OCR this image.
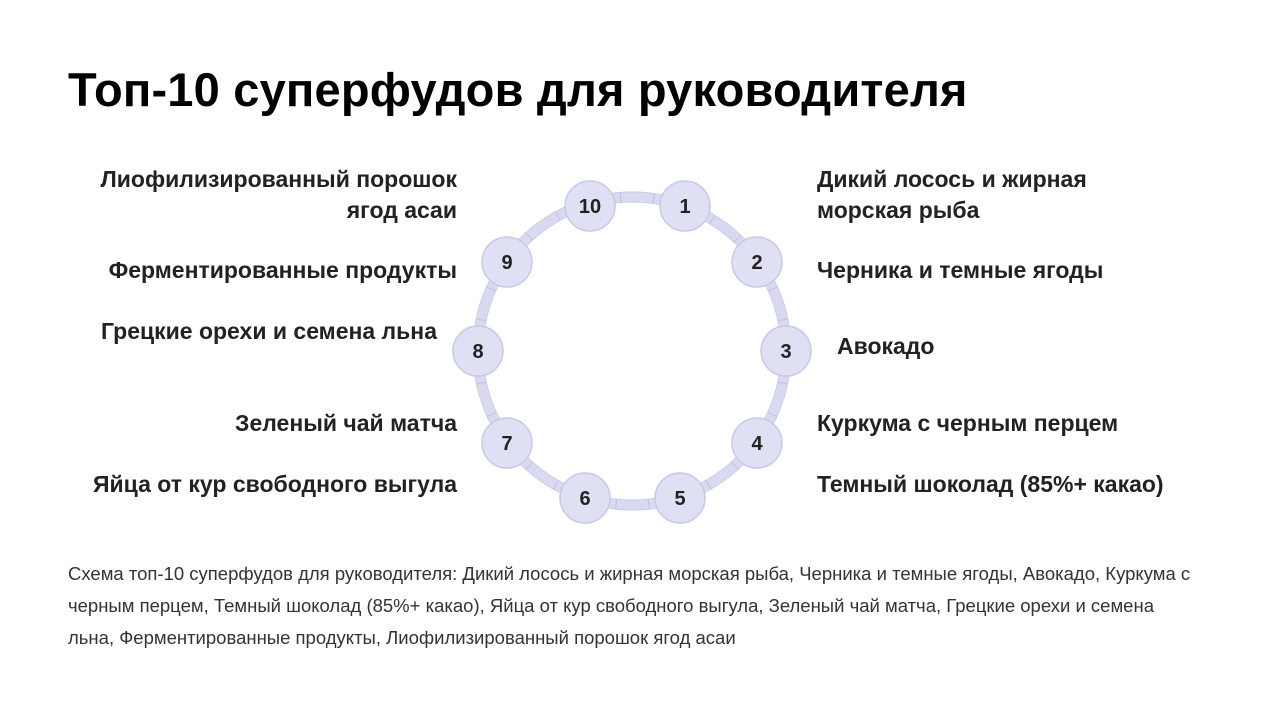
Топ-10 суперфудов для руководителя
1
2
3
4
5
6
7
8
9
10
Дикий лосось и жирная
морская рыба
Черника и темные ягоды
Авокадо
Куркума с черным перцем
Темный шоколад (85%+ какао)
Яйца от кур свободного выгула
Зеленый чай матча
Грецкие орехи и семена льна
Ферментированные продукты
Лиофилизированный порошок
ягод асаи
Схема топ-10 суперфудов для руководителя: Дикий лосось и жирная морская рыба, Черника и темные ягоды, Авокадо, Куркума с черным перцем, Темный шоколад (85%+ какао), Яйца от кур свободного выгула, Зеленый чай матча, Грецкие орехи и семена льна, Ферментированные продукты, Лиофилизированный порошок ягод асаи
